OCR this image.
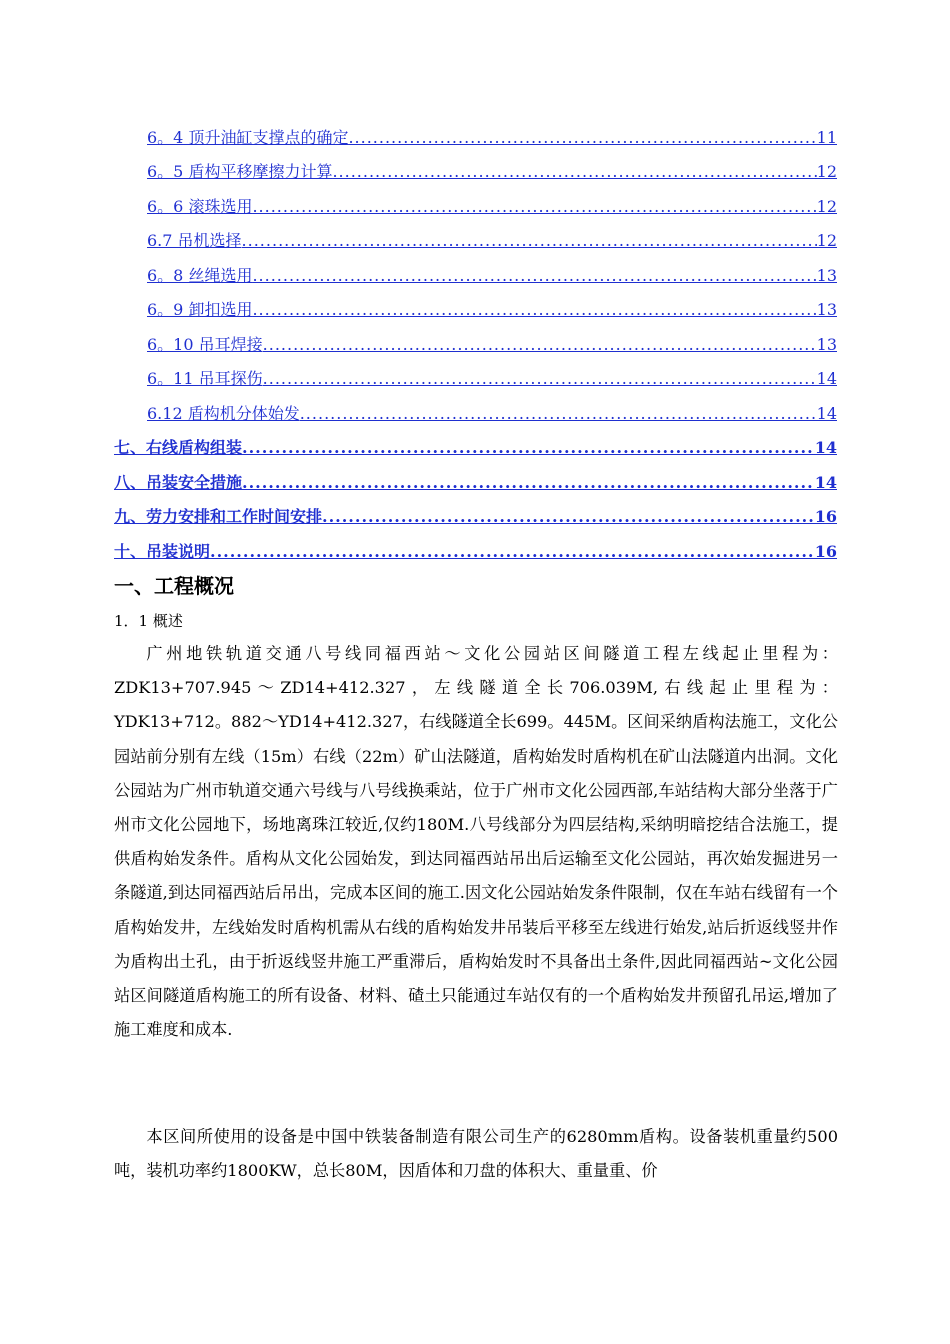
6。4 顶升油缸支撑点的确定 .....	11
6。5 盾构平移摩擦力计算 .....	12
6。6 滚珠选用 .....	12
6.7 吊机选择 .....	12
6。8 丝绳选用 .....	13
6。9 卸扣选用 .....	13
6。10 吊耳焊接 .....	13
6。11 吊耳探伤 .....	14
6.12 盾构机分体始发 .....	14
七、右线盾构组装 .....	14
八、吊装安全措施 .....	14
九、劳力安排和工作时间安排 .....	16
十、吊装说明 .....	16
一、工程概况
1．1 概述

广州地铁轨道交通八号线同福西站～文化公园站区间隧道工程左线起止里程为：ZDK13+707.945～ZD14+412.327，左线隧道全长706.039M,右线起止里程为：YDK13+712。882～YD14+412.327，右线隧道全长699。445M。区间采纳盾构法施工，文化公园站前分别有左线（15m）右线（22m）矿山法隧道，盾构始发时盾构机在矿山法隧道内出洞。文化公园站为广州市轨道交通六号线与八号线换乘站，位于广州市文化公园西部,车站结构大部分坐落于广州市文化公园地下，场地离珠江较近,仅约180M.八号线部分为四层结构,采纳明暗挖结合法施工，提供盾构始发条件。盾构从文化公园始发，到达同福西站吊出后运输至文化公园站，再次始发掘进另一条隧道,到达同福西站后吊出，完成本区间的施工.因文化公园站始发条件限制，仅在车站右线留有一个盾构始发井，左线始发时盾构机需从右线的盾构始发井吊装后平移至左线进行始发,站后折返线竖井作为盾构出土孔，由于折返线竖井施工严重滞后，盾构始发时不具备出土条件,因此同福西站~文化公园站区间隧道盾构施工的所有设备、材料、碴土只能通过车站仅有的一个盾构始发井预留孔吊运,增加了施工难度和成本.

本区间所使用的设备是中国中铁装备制造有限公司生产的6280mm盾构。设备装机重量约500吨，装机功率约1800KW，总长80M，因盾体和刀盘的体积大、重量重、价
